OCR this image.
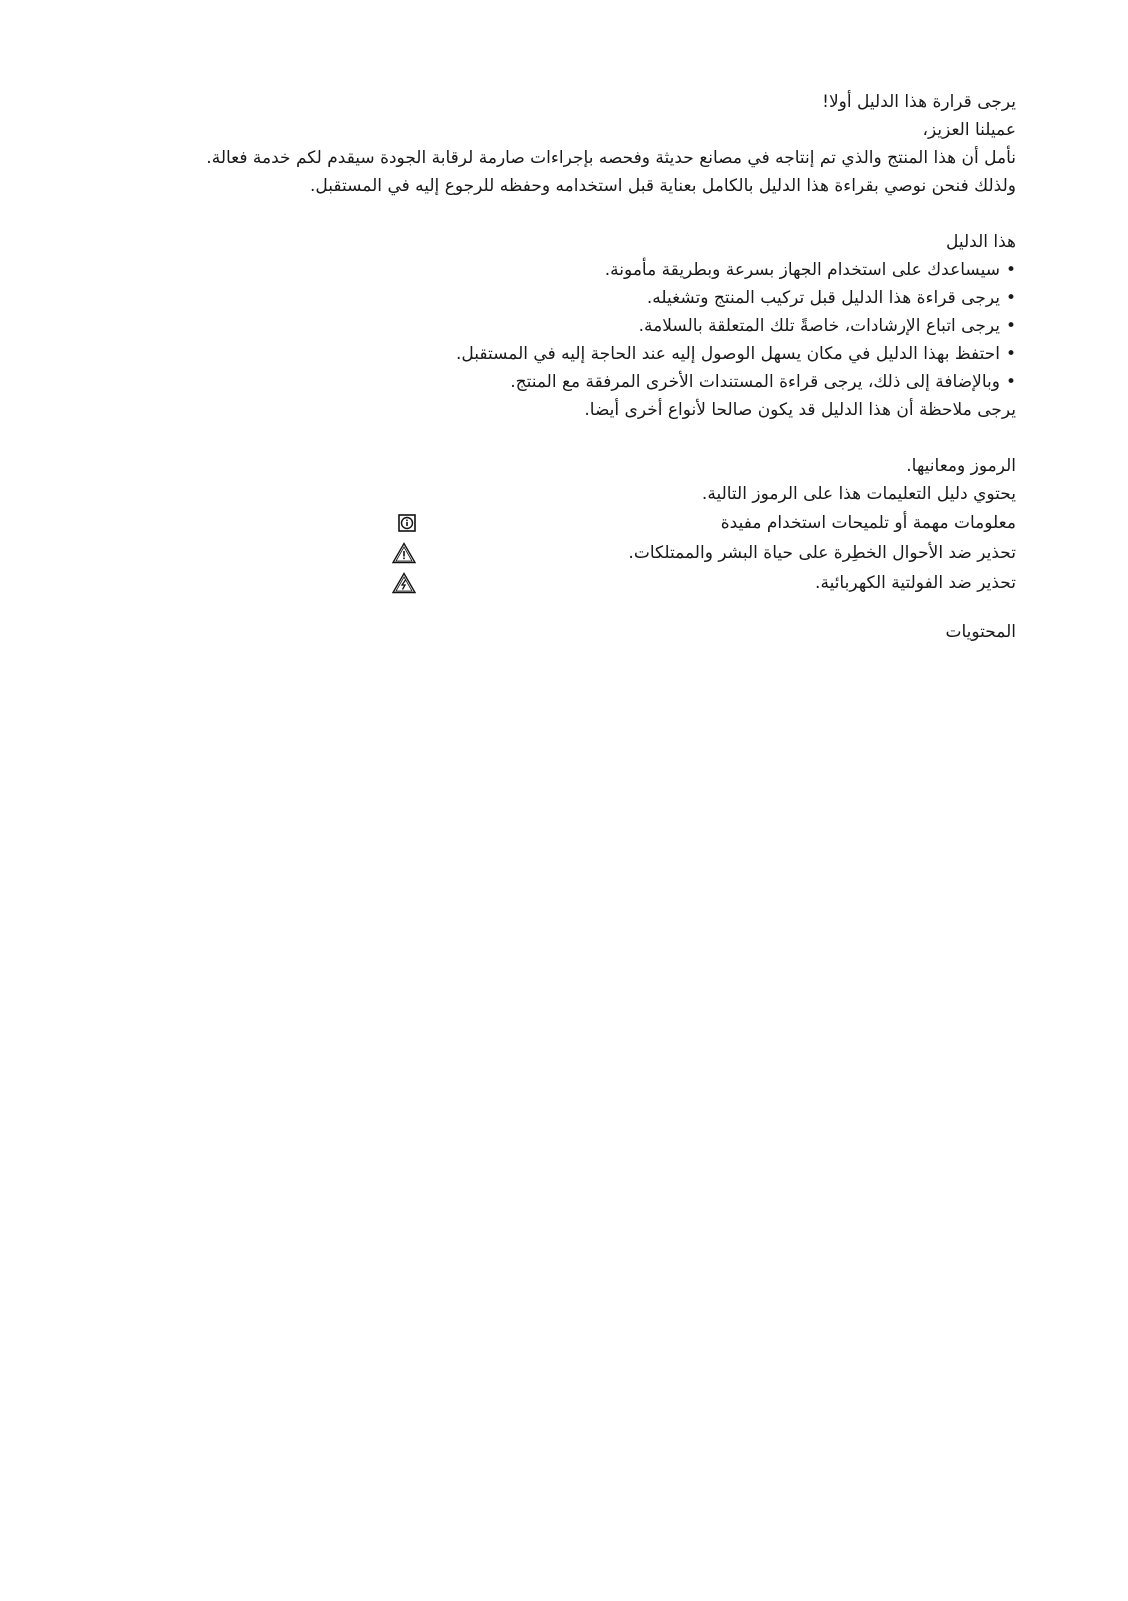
يرجى قرارة هذا الدليل أولا!

عميلنا العزيز،

نأمل أن هذا المنتج والذي تم إنتاجه في مصانع حديثة وفحصه بإجراءات صارمة لرقابة الجودة سيقدم لكم خدمة فعالة.

ولذلك فنحن نوصي بقراءة هذا الدليل بالكامل بعناية قبل استخدامه وحفظه للرجوع إليه في المستقبل.

هذا الدليل

•سيساعدك على استخدام الجهاز بسرعة وبطريقة مأمونة.
•يرجى قراءة هذا الدليل قبل تركيب المنتج وتشغيله.
•يرجى اتباع الإرشادات، خاصةً تلك المتعلقة بالسلامة.
•احتفظ بهذا الدليل في مكان يسهل الوصول إليه عند الحاجة إليه في المستقبل.
•وبالإضافة إلى ذلك، يرجى قراءة المستندات الأخرى المرفقة مع المنتج.
يرجى ملاحظة أن هذا الدليل قد يكون صالحا لأنواع أخرى أيضا.

الرموز ومعانيها.

يحتوي دليل التعليمات هذا على الرموز التالية.

معلومات مهمة أو تلميحات استخدام مفيدة
تحذير ضد الأحوال الخطِرة على حياة البشر والممتلكات.
تحذير ضد الفولتية الكهربائية.

المحتويات
